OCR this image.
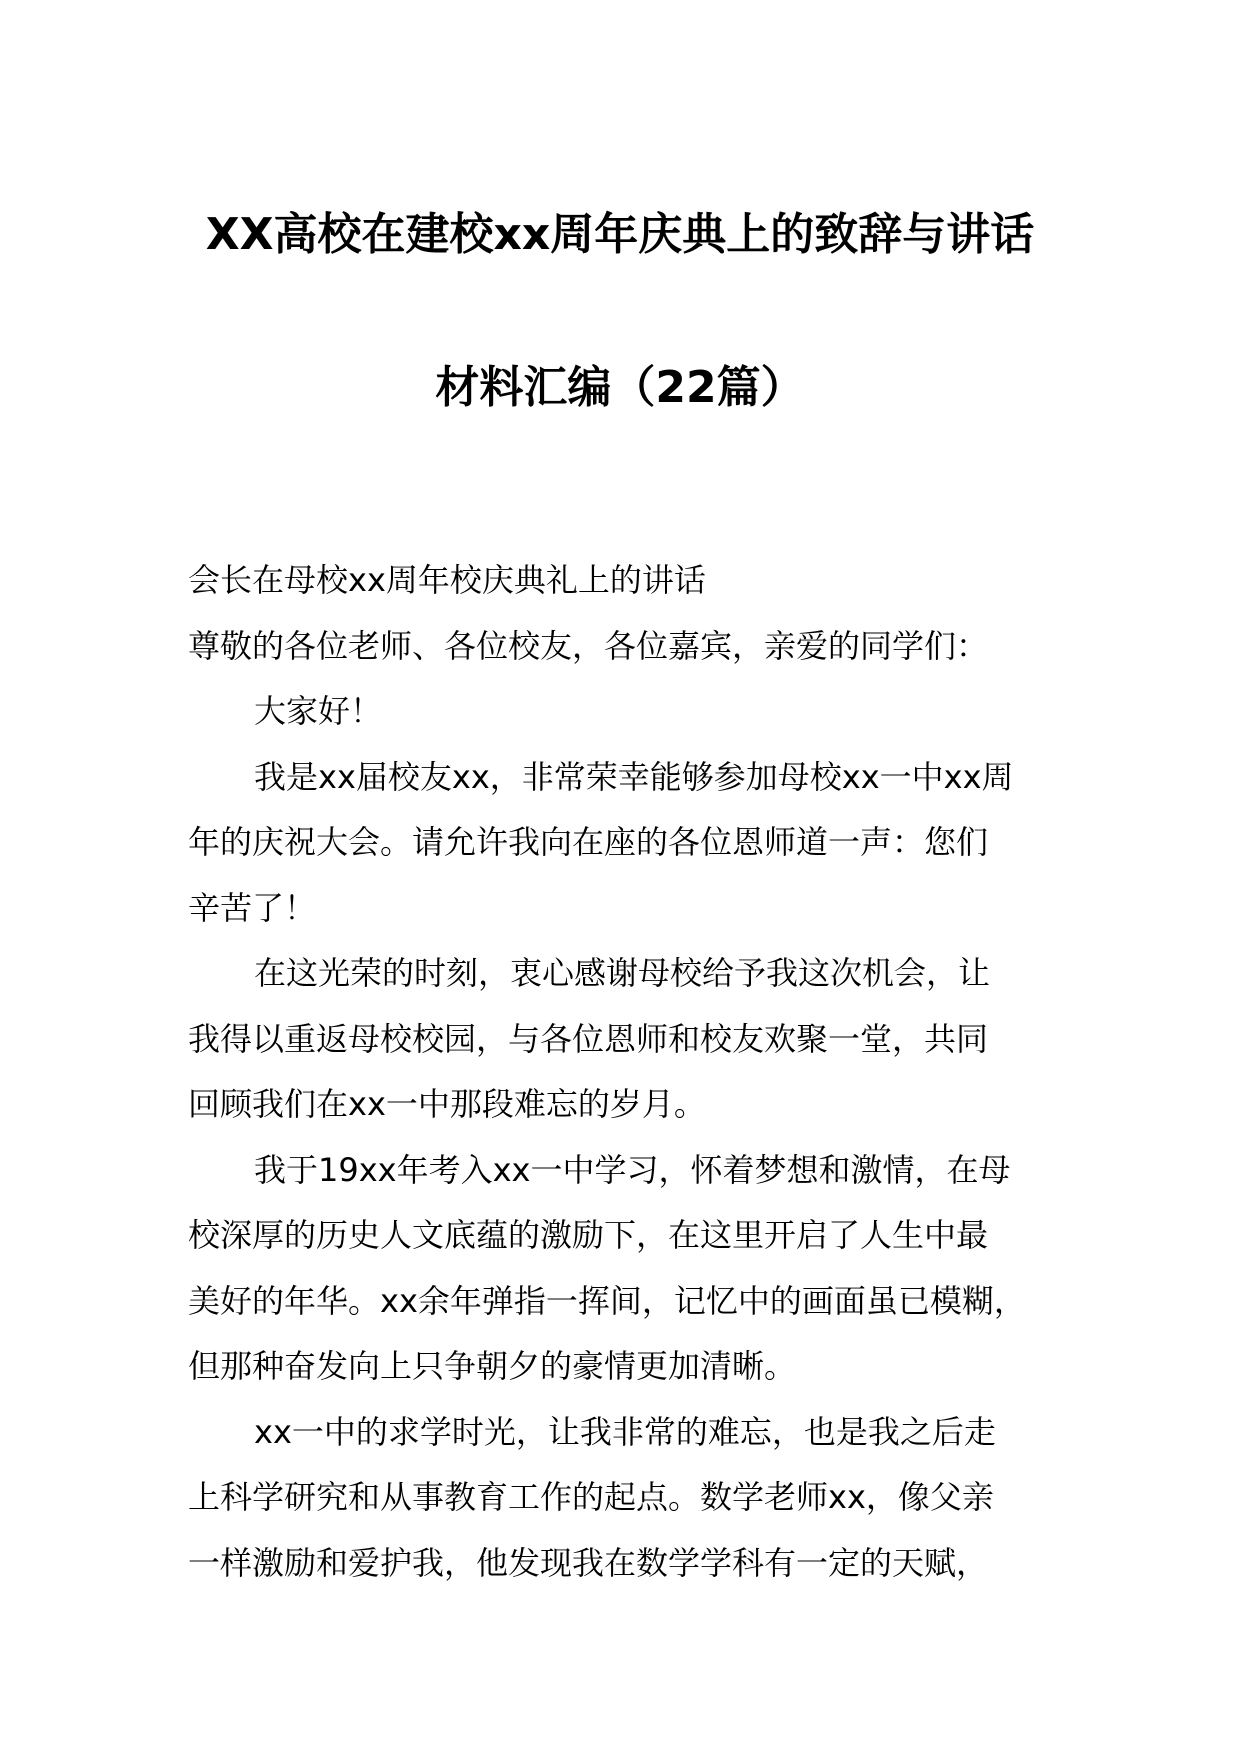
XX高校在建校xx周年庆典上的致辞与讲话
材料汇编（22篇）
会长在母校xx周年校庆典礼上的讲话
尊敬的各位老师、各位校友，各位嘉宾，亲爱的同学们：
大家好！
我是xx届校友xx，非常荣幸能够参加母校xx一中xx周
年的庆祝大会。请允许我向在座的各位恩师道一声：您们
辛苦了！
在这光荣的时刻，衷心感谢母校给予我这次机会，让
我得以重返母校校园，与各位恩师和校友欢聚一堂，共同
回顾我们在xx一中那段难忘的岁月。
我于19xx年考入xx一中学习，怀着梦想和激情，在母
校深厚的历史人文底蕴的激励下，在这里开启了人生中最
美好的年华。xx余年弹指一挥间，记忆中的画面虽已模糊，
但那种奋发向上只争朝夕的豪情更加清晰。
xx一中的求学时光，让我非常的难忘，也是我之后走
上科学研究和从事教育工作的起点。数学老师xx，像父亲
一样激励和爱护我，他发现我在数学学科有一定的天赋，
